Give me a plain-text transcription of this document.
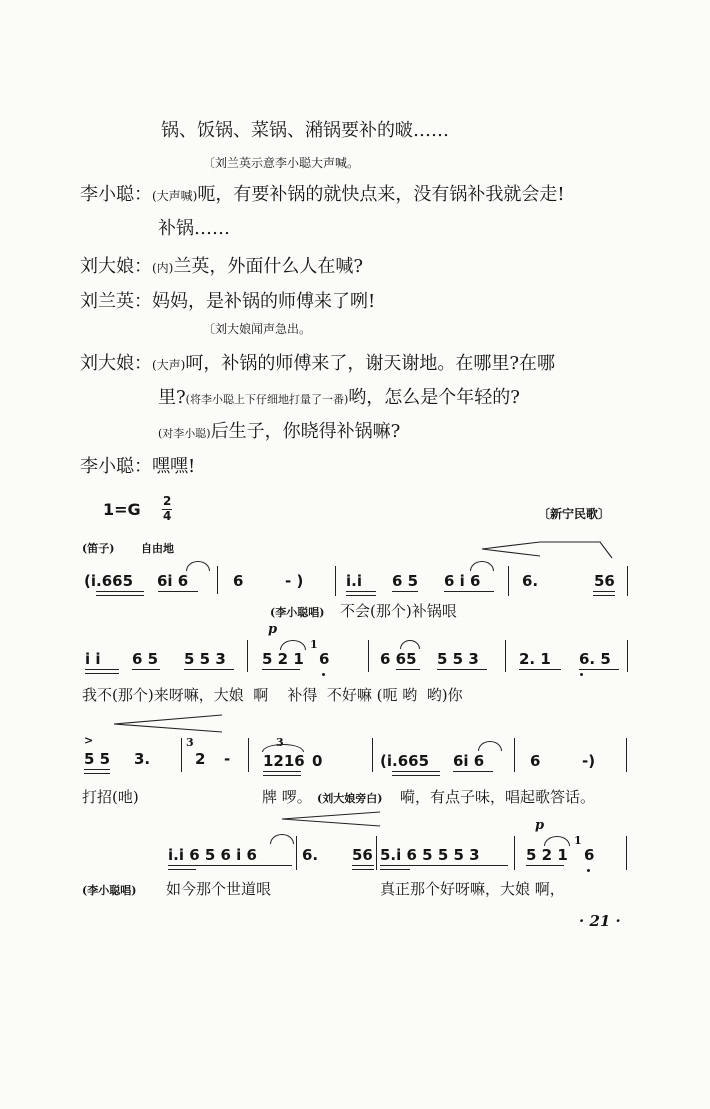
锅、饭锅、菜锅、潲锅要补的啵……
〔刘兰英示意李小聪大声喊。
李小聪：(大声喊)呃，有要补锅的就快点来，没有锅补我就会走!
补锅……
刘大娘：(内)兰英，外面什么人在喊?
刘兰英：妈妈，是补锅的师傅来了咧!
〔刘大娘闻声急出。
刘大娘：(大声)呵，补锅的师傅来了，谢天谢地。在哪里?在哪
里?(将李小聪上下仔细地打量了一番)哟，怎么是个年轻的?
(对李小聪)后生子，你晓得补锅嘛?
李小聪：嘿嘿!
1=G 2
4	〔新宁民歌〕
(笛子) 自由地
(i.665 6i 6	6	- )	i.i 6 5 6 i 6	6.	56
(李小聪唱) 不会(那个)补锅哏
p
i i 6 5 5 5 3 5 2 1
1
6	6 65 5 5 3	2. 1 6. 5
我不(那个)来呀嘛，大娘  啊    补得  不好嘛 (呃 哟  哟)你
>
5 5 3.
3
2 -
3
1216 0	(i.665 6i 6	6	-)
打招(吔)	牌 啰。 (刘大娘旁白) 嗬，有点子味，唱起歌答话。
p
i.i 6 5 6 i 6	6. 56 5.i 6 5 5 5 3	5 2 1
1
6
(李小聪唱) 如今那个世道哏	真正那个好呀嘛，大娘 啊，
· 21 ·
